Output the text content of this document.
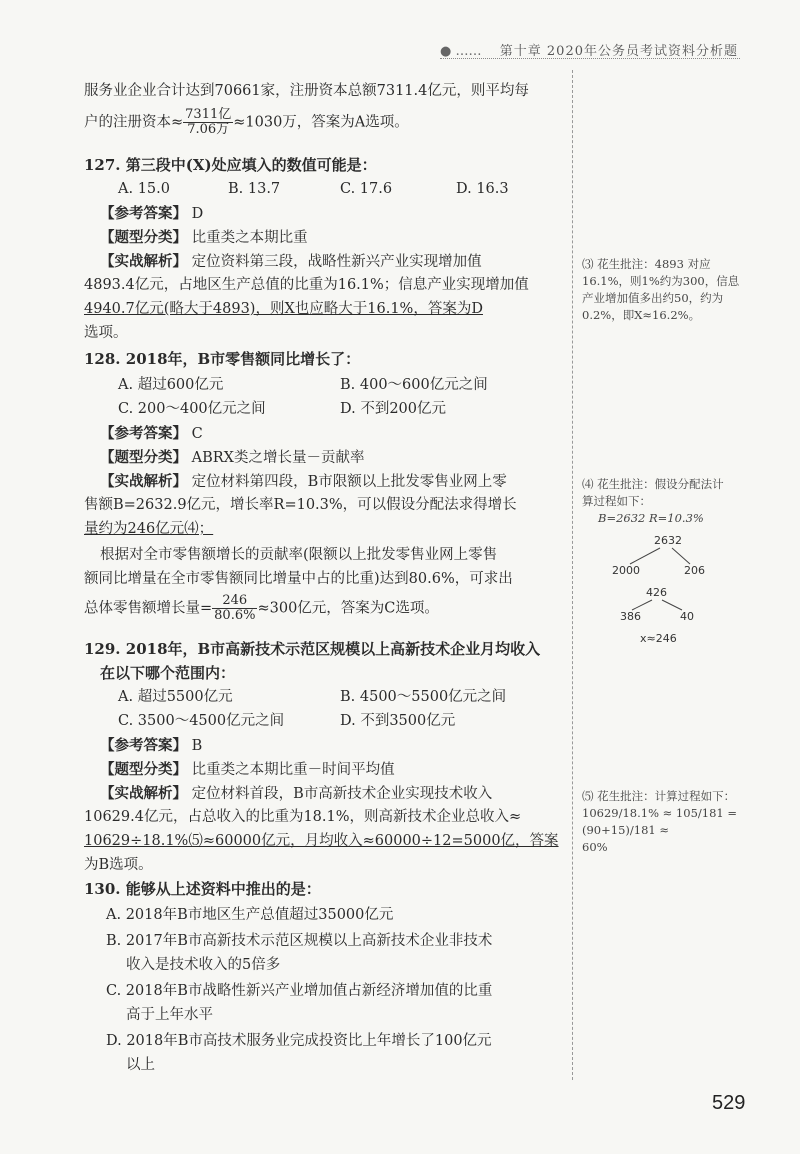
● …… 第十章 2020年公务员考试资料分析题
服务业企业合计达到70661家，注册资本总额7311.4亿元，则平均每
户的注册资本≈ $\frac{\text{7311亿}}{\text{7.06万}} \approx 1030$万，答案为A选项。
127. 第三段中(X)处应填入的数值可能是：
A. 15.0	B. 13.7	C. 17.6	D. 16.3
【参考答案】 D
【题型分类】 比重类之本期比重
【实战解析】 定位资料第三段，战略性新兴产业实现增加值
4893.4亿元，占地区生产总值的比重为16.1%；信息产业实现增加值
4940.7亿元(略大于4893)，则X也应略大于16.1%，答案为D
选项。
⑶ 花生批注：4893 对应
16.1%，则1%约为300，信息
产业增加值多出约50，约为
0.2%，即X≈16.2%。
128. 2018年，B市零售额同比增长了：
A. 超过600亿元	B. 400～600亿元之间
C. 200～400亿元之间	D. 不到200亿元
【参考答案】 C
【题型分类】 ABRX类之增长量－贡献率
【实战解析】 定位材料第四段，B市限额以上批发零售业网上零
售额B=2632.9亿元，增长率R=10.3%，可以假设分配法求得增长
量约为246亿元⑷；
根据对全市零售额增长的贡献率(限额以上批发零售业网上零售
额同比增量在全市零售额同比增量中占的比重)达到80.6%，可求出
总体零售额增长量= $\frac{246}{80.6\%} \approx 300$亿元，答案为C选项。
⑷ 花生批注：假设分配法计
算过程如下：
B=2632 R=10.3%
2632
2000	206
426
386	40
x≈246
129. 2018年，B市高新技术示范区规模以上高新技术企业月均收入
在以下哪个范围内：
A. 超过5500亿元	B. 4500～5500亿元之间
C. 3500～4500亿元之间	D. 不到3500亿元
【参考答案】 B
【题型分类】 比重类之本期比重－时间平均值
【实战解析】 定位材料首段，B市高新技术企业实现技术收入
10629.4亿元，占总收入的比重为18.1%，则高新技术企业总收入≈
10629÷18.1%⑸≈60000亿元，月均收入≈60000÷12=5000亿，答案
为B选项。
⑸ 花生批注：计算过程如下：
10629/18.1% ≈ 105/181 = (90+15)/181 ≈
60%
130. 能够从上述资料中推出的是：
A. 2018年B市地区生产总值超过35000亿元
B. 2017年B市高新技术示范区规模以上高新技术企业非技术
收入是技术收入的5倍多
C. 2018年B市战略性新兴产业增加值占新经济增加值的比重
高于上年水平
D. 2018年B市高技术服务业完成投资比上年增长了100亿元
以上
529
